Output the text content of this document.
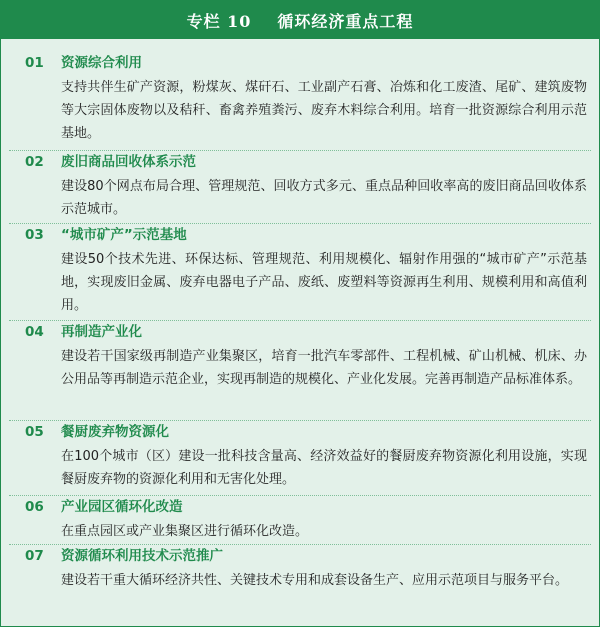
专栏 10 循环经济重点工程
01	资源综合利用
支持共伴生矿产资源，粉煤灰、煤矸石、工业副产石膏、冶炼和化工废渣、尾矿、建筑废物等大宗固体废物以及秸秆、畜禽养殖粪污、废弃木料综合利用。培育一批资源综合利用示范基地。
02	废旧商品回收体系示范
建设80个网点布局合理、管理规范、回收方式多元、重点品种回收率高的废旧商品回收体系示范城市。
03	“城市矿产”示范基地
建设50个技术先进、环保达标、管理规范、利用规模化、辐射作用强的“城市矿产”示范基地，实现废旧金属、废弃电器电子产品、废纸、废塑料等资源再生利用、规模利用和高值利用。
04	再制造产业化
建设若干国家级再制造产业集聚区，培育一批汽车零部件、工程机械、矿山机械、机床、办公用品等再制造示范企业，实现再制造的规模化、产业化发展。完善再制造产品标准体系。
05	餐厨废弃物资源化
在100个城市（区）建设一批科技含量高、经济效益好的餐厨废弃物资源化利用设施，实现餐厨废弃物的资源化利用和无害化处理。
06	产业园区循环化改造
在重点园区或产业集聚区进行循环化改造。
07	资源循环利用技术示范推广
建设若干重大循环经济共性、关键技术专用和成套设备生产、应用示范项目与服务平台。
